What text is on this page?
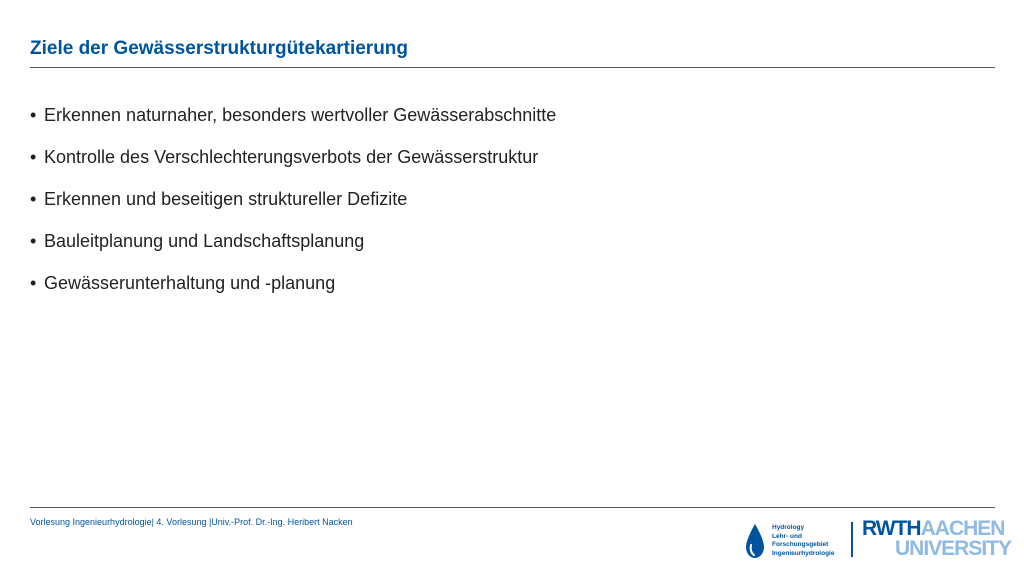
Ziele der Gewässerstrukturgütekartierung
• Erkennen naturnaher, besonders wertvoller Gewässerabschnitte
• Kontrolle des Verschlechterungsverbots der Gewässerstruktur
• Erkennen und beseitigen struktureller Defizite
• Bauleitplanung und Landschaftsplanung
• Gewässerunterhaltung und -planung
Vorlesung Ingenieurhydrologie| 4. Vorlesung |Univ.-Prof. Dr.-Ing. Heribert Nacken
Hydrology
Lehr- und
Forschungsgebiet
Ingenieurhydrologie
RWTHAACHEN
UNIVERSITY
